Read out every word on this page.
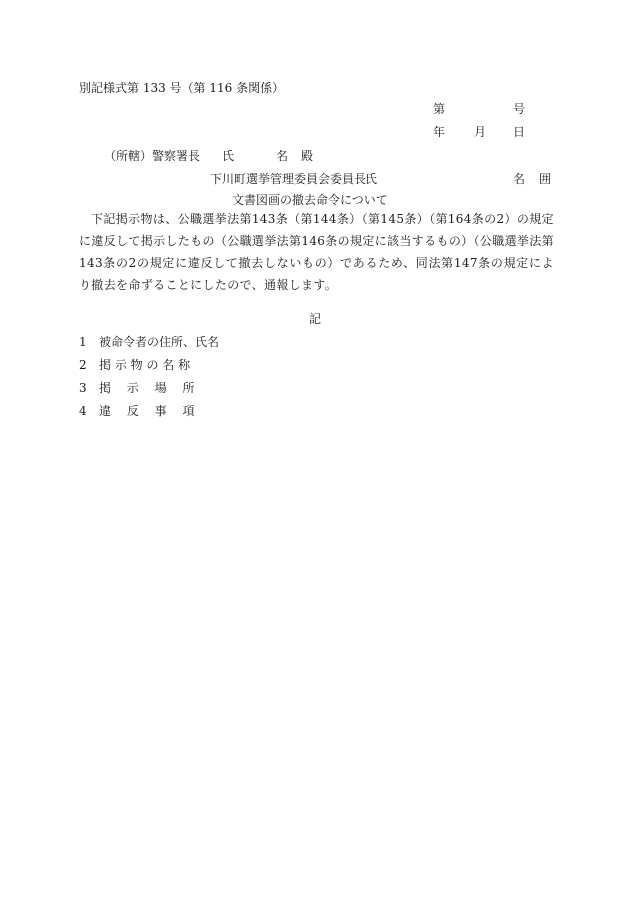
別記様式第 133 号（第 116 条関係）
第	号
年 月 日
（所轄）警察署長 氏	名 殿
下川町選挙管理委員会委員長
氏	名 囲
文書図画の撤去命令について
下記掲示物は、公職選挙法第143条（第144条）（第145条）（第164条の2）の規定に違反して掲示したもの（公職選挙法第146条の規定に該当するもの）（公職選挙法第143条の2の規定に違反して撤去しないもの）であるため、同法第147条の規定により撤去を命ずることにしたので、通報します。
記
1 被命令者の住所、氏名
2 掲 示 物 の 名 称
3 掲　 示　 場　 所
4 違　 反　 事　 項
